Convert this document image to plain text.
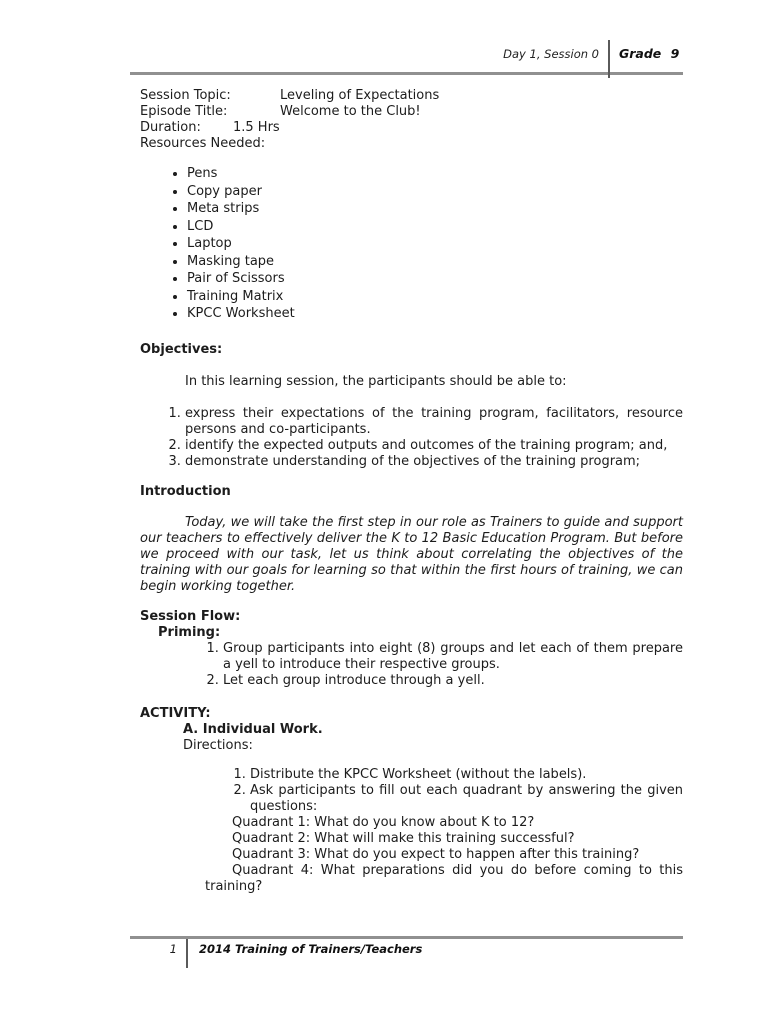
Day 1, Session 0	Grade 9
Session Topic:	Leveling of Expectations
Episode Title:	Welcome to the Club!
Duration:	1.5 Hrs
Resources Needed:
• Pens
• Copy paper
• Meta strips
• LCD
• Laptop
• Masking tape
• Pair of Scissors
• Training Matrix
• KPCC Worksheet

Objectives:

In this learning session, the participants should be able to:

1. express their expectations of the training program, facilitators, resource persons and co-participants.
2. identify the expected outputs and outcomes of the training program; and,
3. demonstrate understanding of the objectives of the training program;

Introduction

Today, we will take the first step in our role as Trainers to guide and support our teachers to effectively deliver the K to 12 Basic Education Program. But before we proceed with our task, let us think about correlating the objectives of the training with our goals for learning so that within the first hours of training, we can begin working together.

Session Flow:

Priming:

1. Group participants into eight (8) groups and let each of them prepare a yell to introduce their respective groups.
2. Let each group introduce through a yell.

ACTIVITY:

A. Individual Work.

Directions:

1. Distribute the KPCC Worksheet (without the labels).
2. Ask participants to fill out each quadrant by answering the given questions:

Quadrant 1: What do you know about K to 12?

Quadrant 2: What will make this training successful?

Quadrant 3: What do you expect to happen after this training?

Quadrant 4: What preparations did you do before coming to this training?

1	2014 Training of Trainers/Teachers
